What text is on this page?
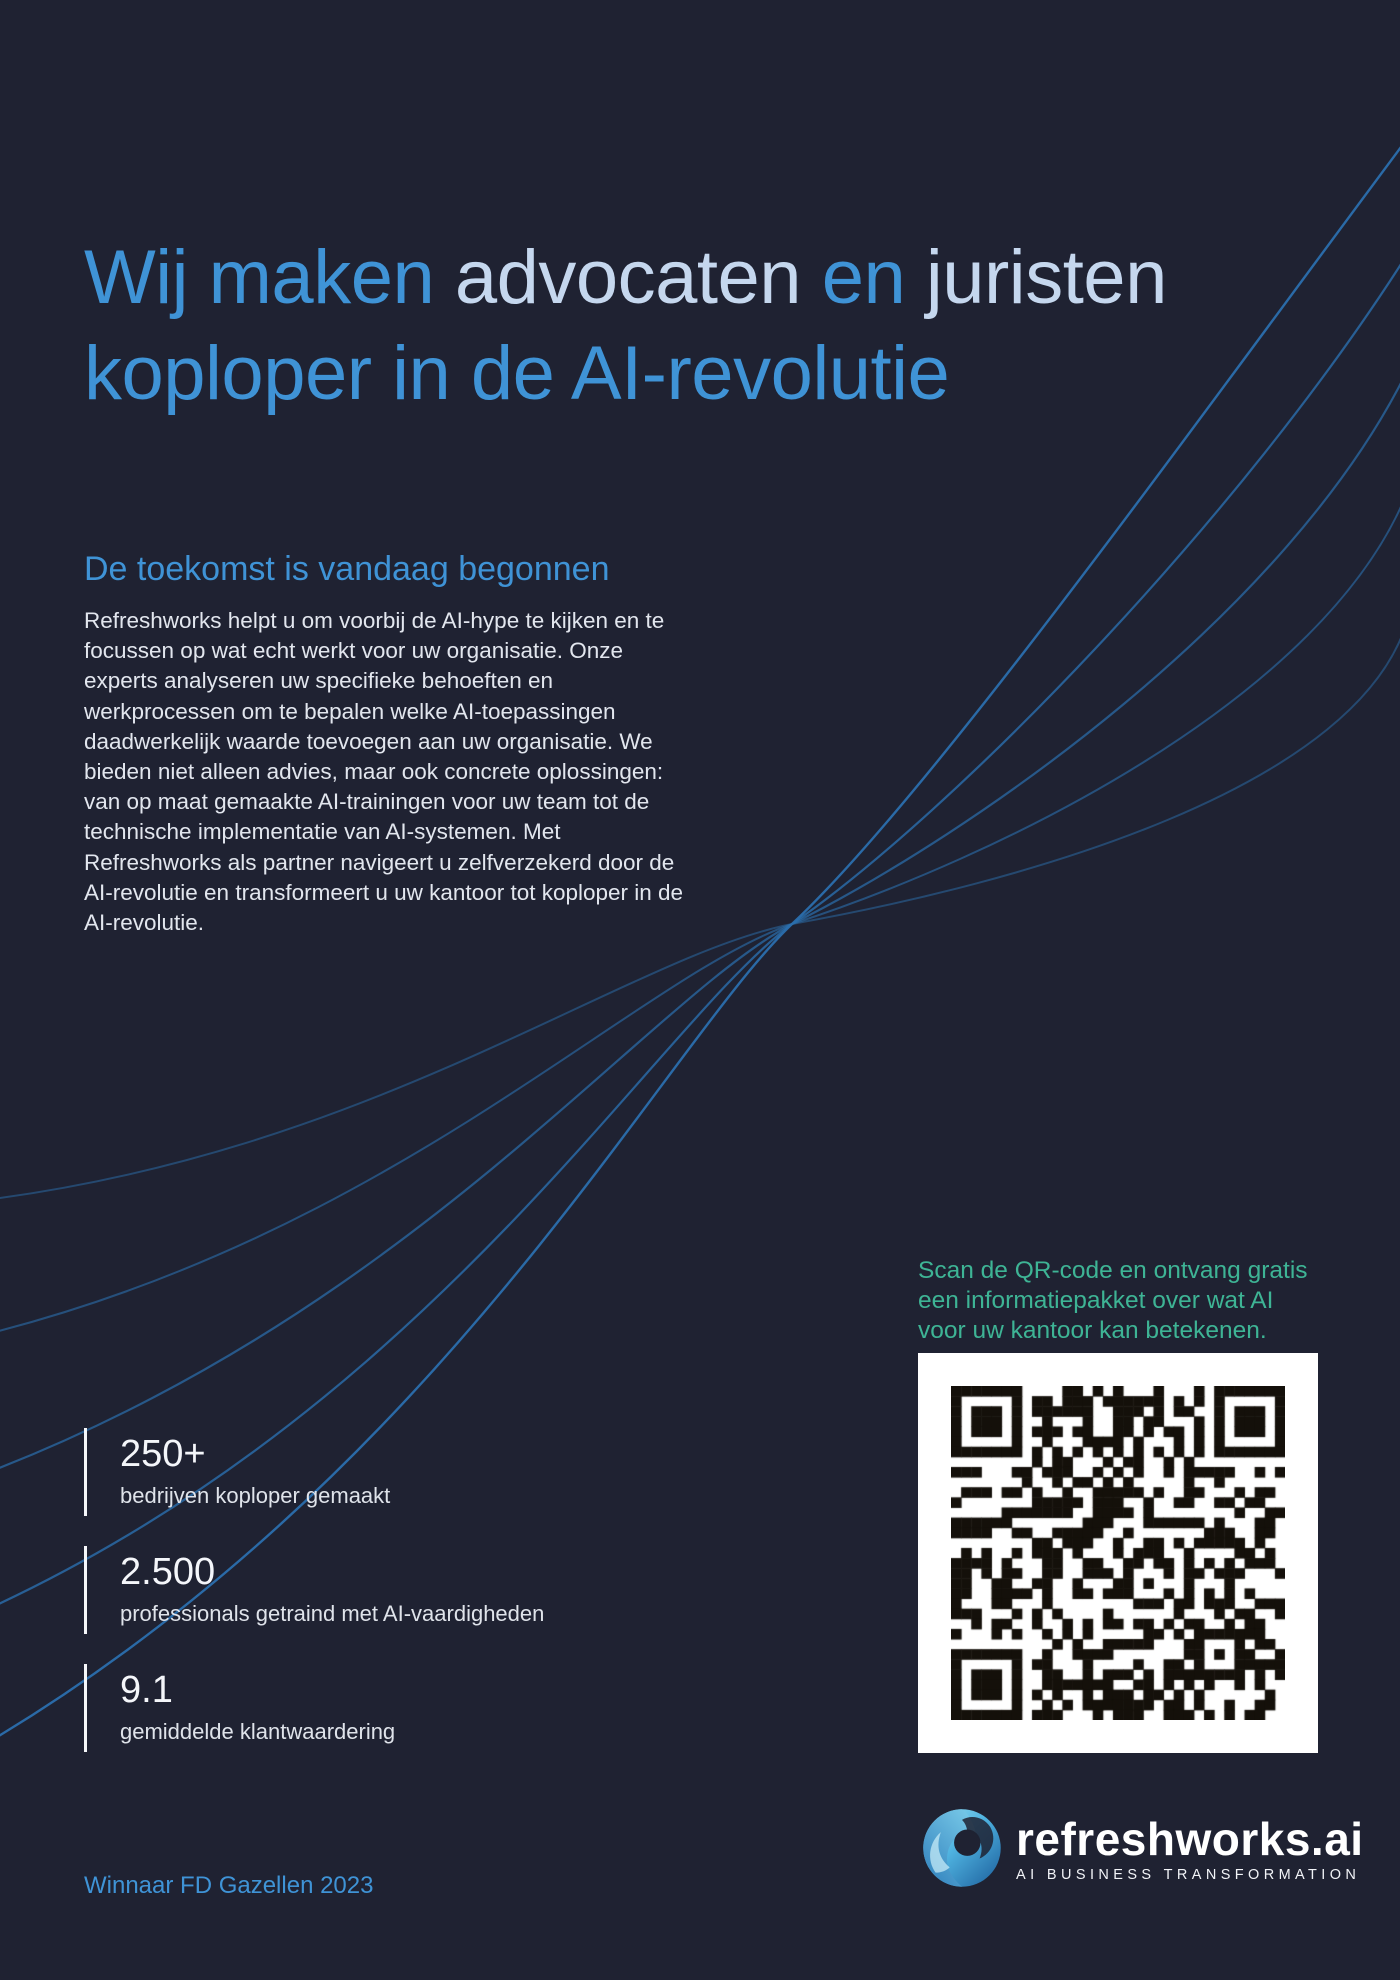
Wij maken advocaten en juristen
koploper in de AI-revolutie
De toekomst is vandaag begonnen
Refreshworks helpt u om voorbij de AI-hype te kijken en te focussen op wat echt werkt voor uw organisatie. Onze experts analyseren uw specifieke behoeften en werkprocessen om te bepalen welke AI-toepassingen daadwerkelijk waarde toevoegen aan uw organisatie. We bieden niet alleen advies, maar ook concrete oplossingen: van op maat gemaakte AI-trainingen voor uw team tot de technische implementatie van AI-systemen. Met Refreshworks als partner navigeert u zelfverzekerd door de AI-revolutie en transformeert u uw kantoor tot koploper in de AI-revolutie.
Scan de QR-code en ontvang gratis
een informatiepakket over wat AI
voor uw kantoor kan betekenen.
250+
bedrijven koploper gemaakt
2.500
professionals getraind met AI-vaardigheden
9.1
gemiddelde klantwaardering
refreshworks.ai
AI BUSINESS TRANSFORMATION
Winnaar FD Gazellen 2023
